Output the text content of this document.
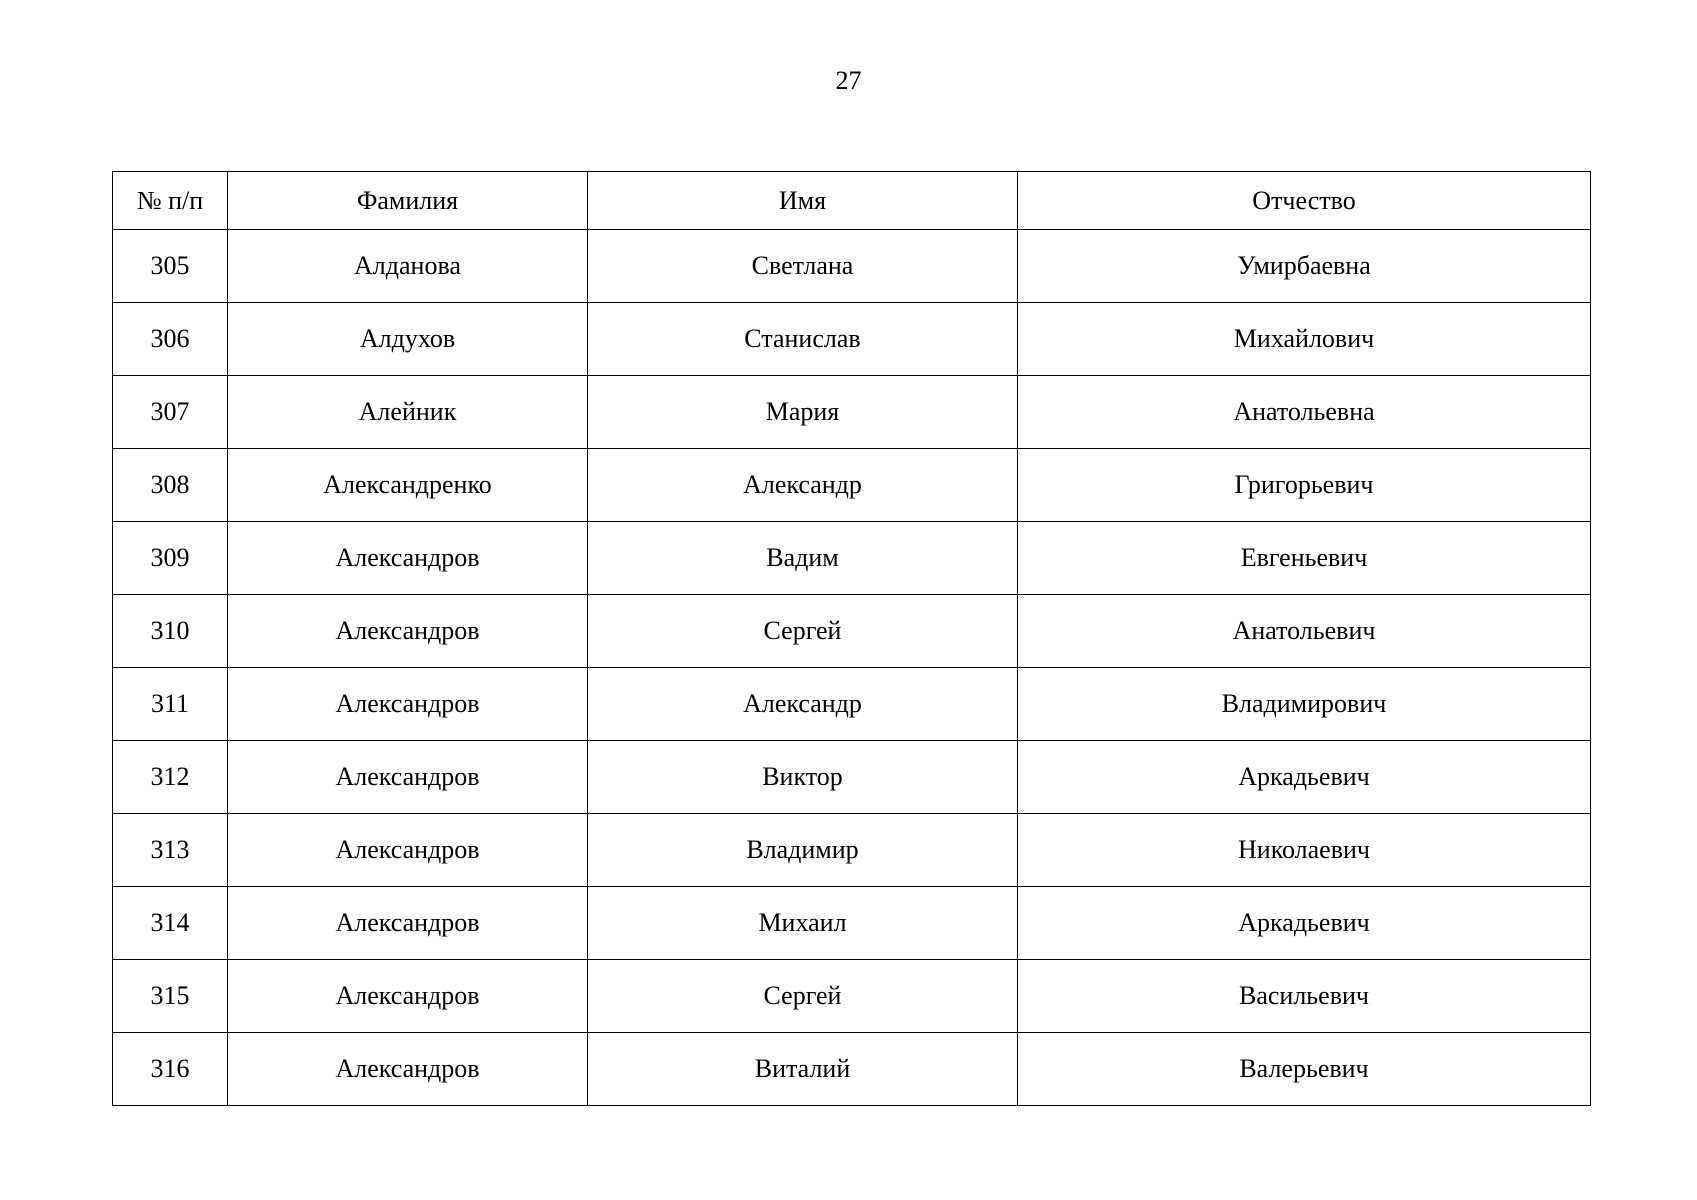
27
№ п/п	Фамилия	Имя	Отчество
305	Алданова	Светлана	Умирбаевна
306	Алдухов	Станислав	Михайлович
307	Алейник	Мария	Анатольевна
308	Александренко	Александр	Григорьевич
309	Александров	Вадим	Евгеньевич
310	Александров	Сергей	Анатольевич
311	Александров	Александр	Владимирович
312	Александров	Виктор	Аркадьевич
313	Александров	Владимир	Николаевич
314	Александров	Михаил	Аркадьевич
315	Александров	Сергей	Васильевич
316	Александров	Виталий	Валерьевич
